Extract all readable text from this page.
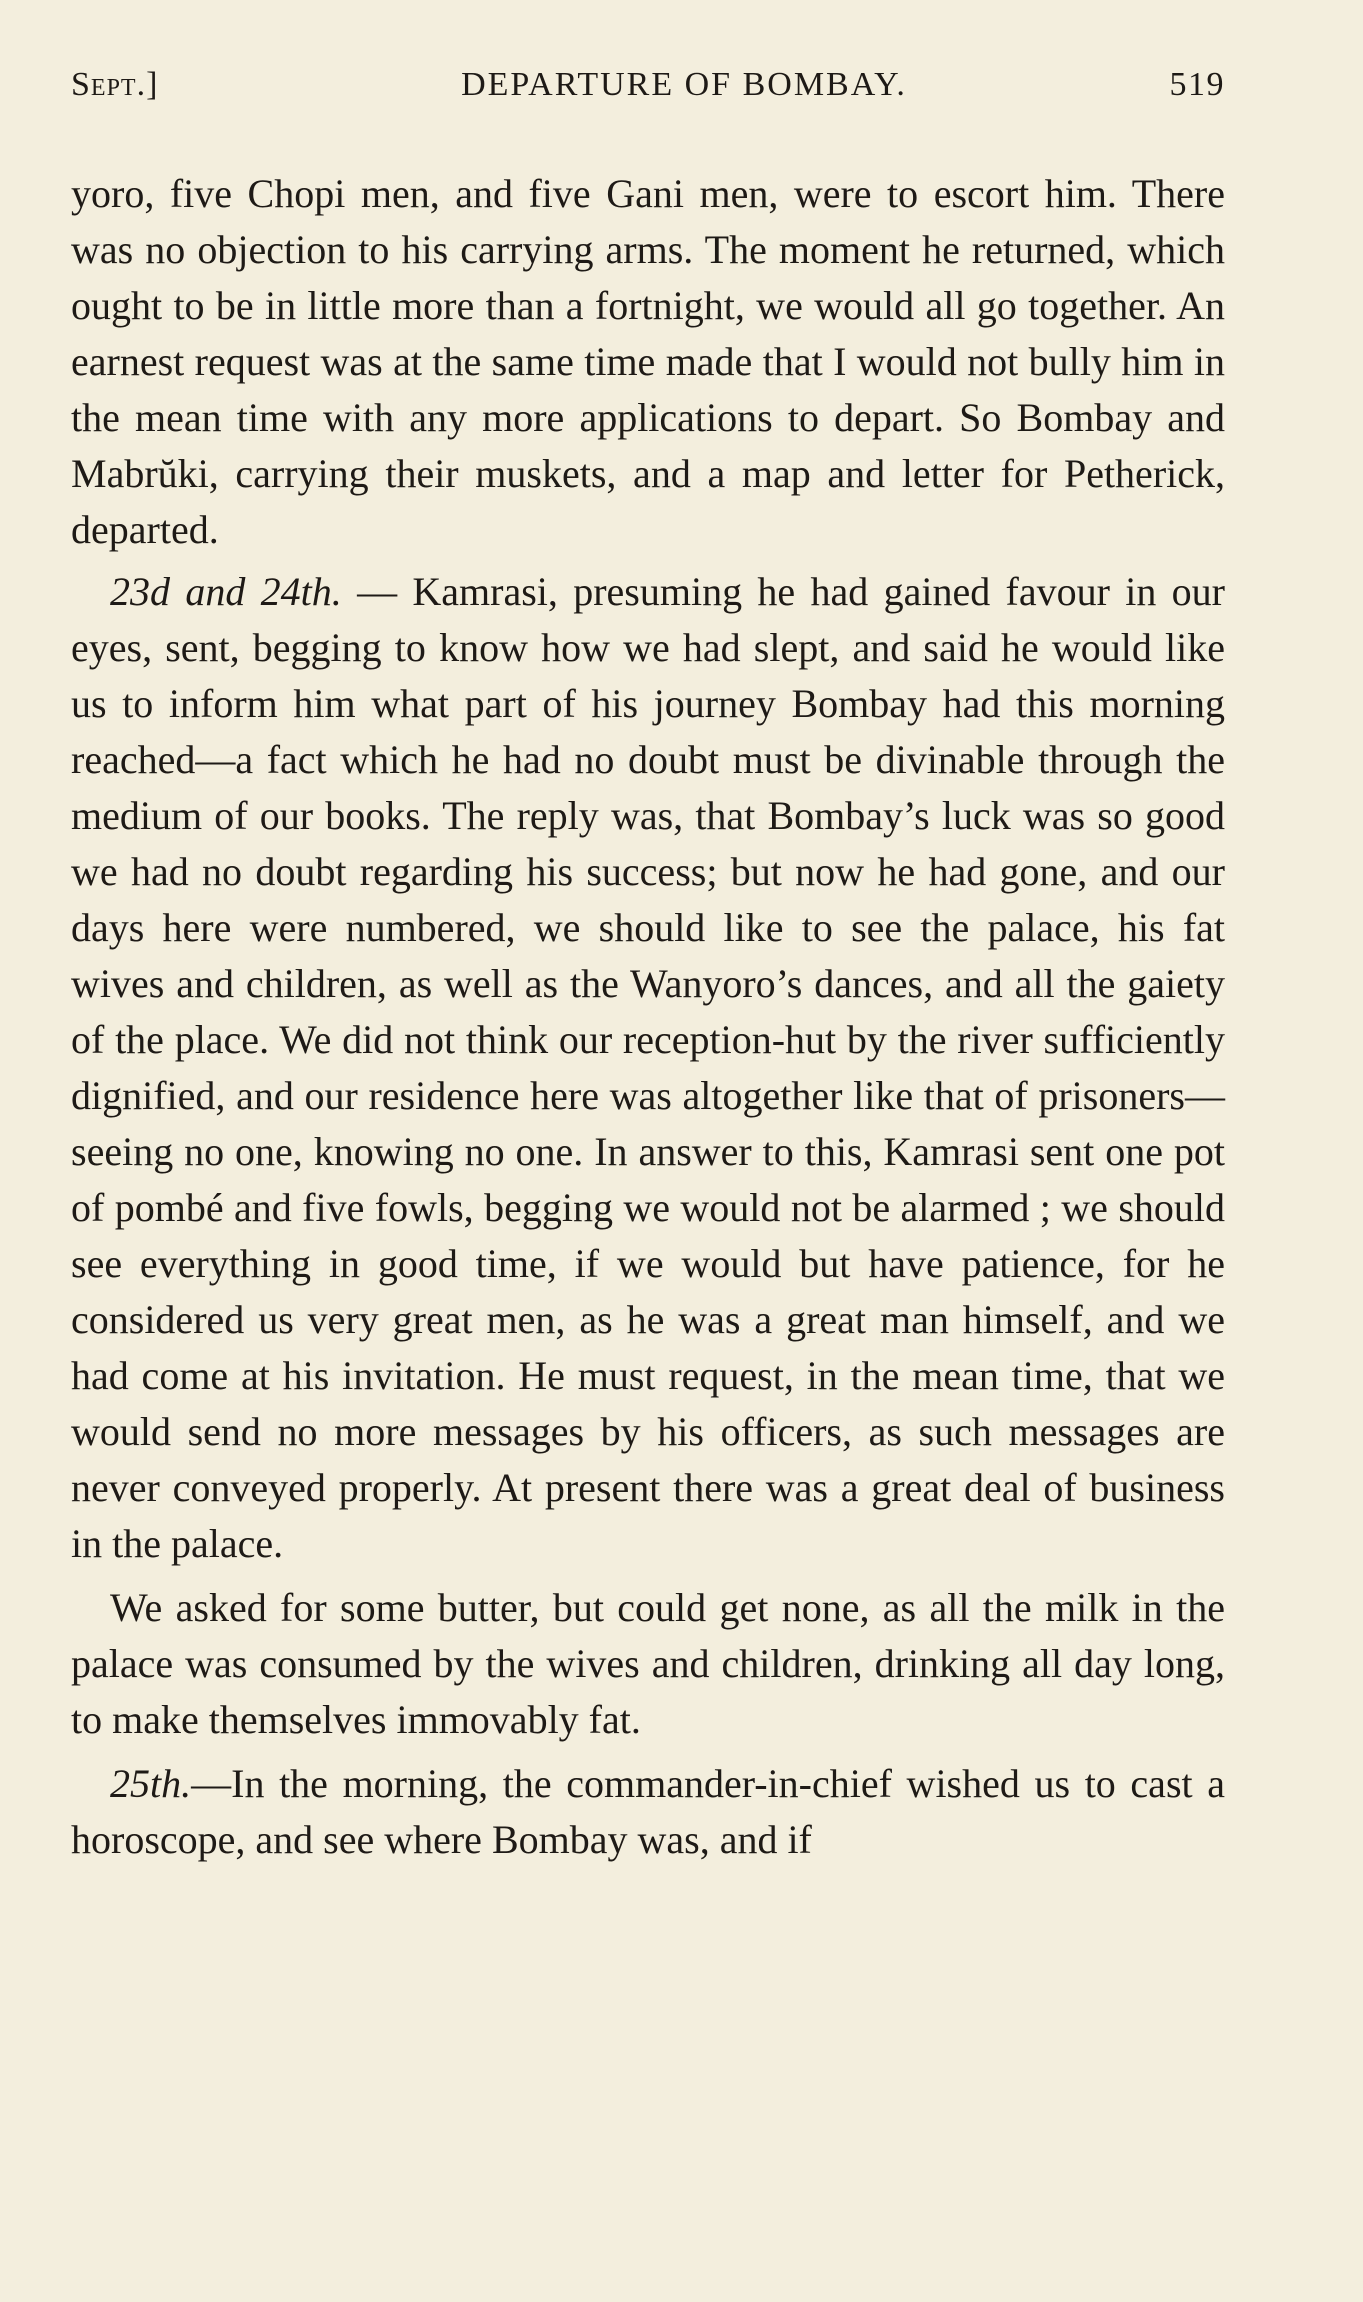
Sept.]	DEPARTURE OF BOMBAY.	519

yoro, five Chopi men, and five Gani men, were to escort him. There was no objection to his carrying arms. The moment he returned, which ought to be in little more than a fortnight, we would all go together. An earnest request was at the same time made that I would not bully him in the mean time with any more applications to depart. So Bombay and Mabrŭki, carrying their muskets, and a map and letter for Petherick, departed.

23d and 24th. — Kamrasi, presuming he had gained favour in our eyes, sent, begging to know how we had slept, and said he would like us to inform him what part of his journey Bombay had this morning reached—a fact which he had no doubt must be divinable through the medium of our books. The reply was, that Bombay’s luck was so good we had no doubt regarding his success; but now he had gone, and our days here were numbered, we should like to see the palace, his fat wives and children, as well as the Wanyoro’s dances, and all the gaiety of the place. We did not think our reception-hut by the river sufficiently dignified, and our residence here was altogether like that of prisoners—seeing no one, knowing no one. In answer to this, Kamrasi sent one pot of pombé and five fowls, begging we would not be alarmed ; we should see everything in good time, if we would but have patience, for he considered us very great men, as he was a great man himself, and we had come at his invitation. He must request, in the mean time, that we would send no more messages by his officers, as such messages are never conveyed properly. At present there was a great deal of business in the palace.

We asked for some butter, but could get none, as all the milk in the palace was consumed by the wives and children, drinking all day long, to make themselves immovably fat.

25th.—In the morning, the commander-in-chief wished us to cast a horoscope, and see where Bombay was, and if
